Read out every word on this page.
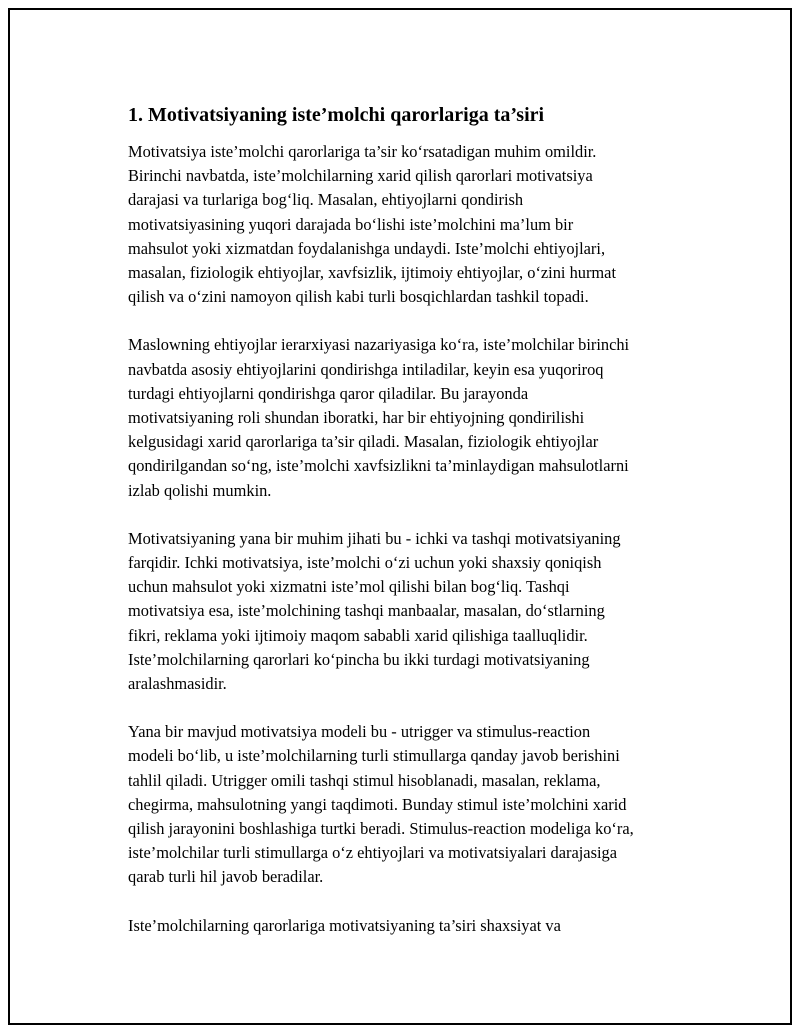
1. Motivatsiyaning iste’molchi qarorlariga ta’siri

Motivatsiya iste’molchi qarorlariga ta’sir ko‘rsatadigan muhim omildir.
Birinchi navbatda, iste’molchilarning xarid qilish qarorlari motivatsiya
darajasi va turlariga bog‘liq. Masalan, ehtiyojlarni qondirish
motivatsiyasining yuqori darajada bo‘lishi iste’molchini ma’lum bir
mahsulot yoki xizmatdan foydalanishga undaydi. Iste’molchi ehtiyojlari,
masalan, fiziologik ehtiyojlar, xavfsizlik, ijtimoiy ehtiyojlar, o‘zini hurmat
qilish va o‘zini namoyon qilish kabi turli bosqichlardan tashkil topadi.

Maslowning ehtiyojlar ierarxiyasi nazariyasiga ko‘ra, iste’molchilar birinchi
navbatda asosiy ehtiyojlarini qondirishga intiladilar, keyin esa yuqoriroq
turdagi ehtiyojlarni qondirishga qaror qiladilar. Bu jarayonda
motivatsiyaning roli shundan iboratki, har bir ehtiyojning qondirilishi
kelgusidagi xarid qarorlariga ta’sir qiladi. Masalan, fiziologik ehtiyojlar
qondirilgandan so‘ng, iste’molchi xavfsizlikni ta’minlaydigan mahsulotlarni
izlab qolishi mumkin.

Motivatsiyaning yana bir muhim jihati bu - ichki va tashqi motivatsiyaning
farqidir. Ichki motivatsiya, iste’molchi o‘zi uchun yoki shaxsiy qoniqish
uchun mahsulot yoki xizmatni iste’mol qilishi bilan bog‘liq. Tashqi
motivatsiya esa, iste’molchining tashqi manbaalar, masalan, do‘stlarning
fikri, reklama yoki ijtimoiy maqom sababli xarid qilishiga taalluqlidir.
Iste’molchilarning qarorlari ko‘pincha bu ikki turdagi motivatsiyaning
aralashmasidir.

Yana bir mavjud motivatsiya modeli bu - utrigger va stimulus-reaction
modeli bo‘lib, u iste’molchilarning turli stimullarga qanday javob berishini
tahlil qiladi. Utrigger omili tashqi stimul hisoblanadi, masalan, reklama,
chegirma, mahsulotning yangi taqdimoti. Bunday stimul iste’molchini xarid
qilish jarayonini boshlashiga turtki beradi. Stimulus-reaction modeliga ko‘ra,
iste’molchilar turli stimullarga o‘z ehtiyojlari va motivatsiyalari darajasiga
qarab turli hil javob beradilar.

Iste’molchilarning qarorlariga motivatsiyaning ta’siri shaxsiyat va
